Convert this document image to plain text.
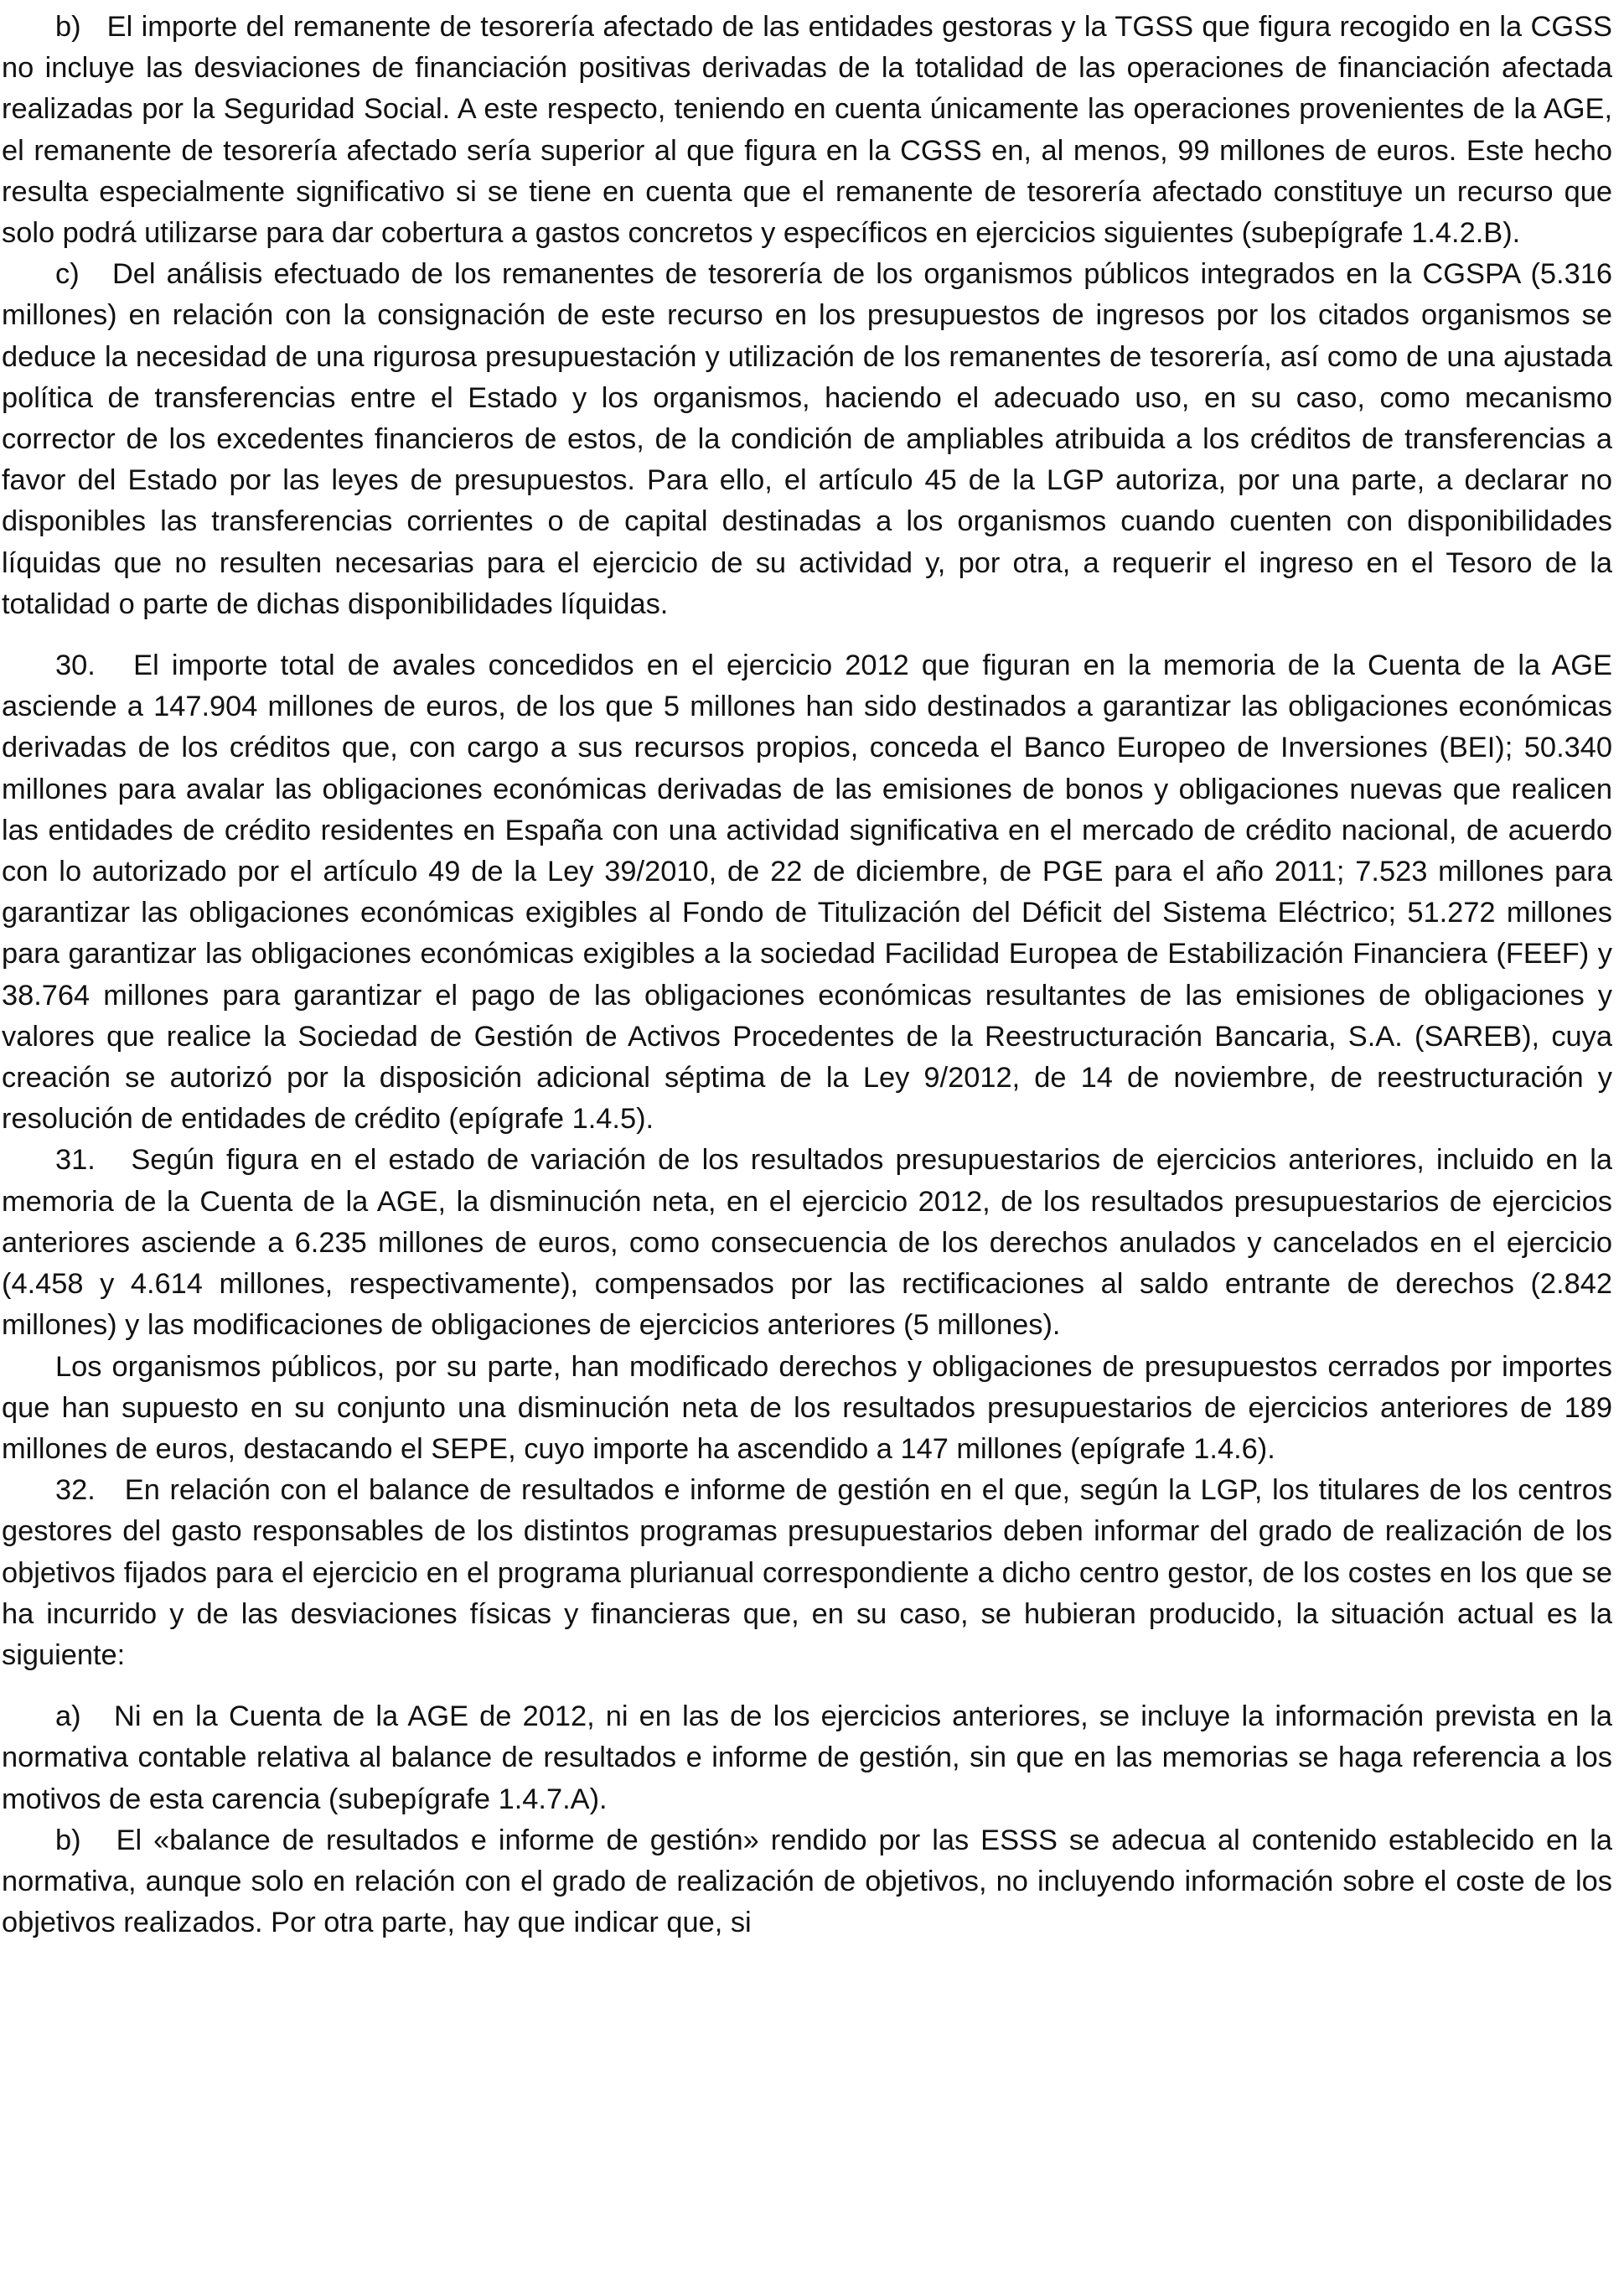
b) El importe del remanente de tesorería afectado de las entidades gestoras y la TGSS que figura recogido en la CGSS no incluye las desviaciones de financiación positivas derivadas de la totalidad de las operaciones de financiación afectada realizadas por la Seguridad Social. A este respecto, teniendo en cuenta únicamente las operaciones provenientes de la AGE, el remanente de tesorería afectado sería superior al que figura en la CGSS en, al menos, 99 millones de euros. Este hecho resulta especialmente significativo si se tiene en cuenta que el remanente de tesorería afectado constituye un recurso que solo podrá utilizarse para dar cobertura a gastos concretos y específicos en ejercicios siguientes (subepígrafe 1.4.2.B).

c) Del análisis efectuado de los remanentes de tesorería de los organismos públicos integrados en la CGSPA (5.316 millones) en relación con la consignación de este recurso en los presupuestos de ingresos por los citados organismos se deduce la necesidad de una rigurosa presupuestación y utilización de los remanentes de tesorería, así como de una ajustada política de transferencias entre el Estado y los organismos, haciendo el adecuado uso, en su caso, como mecanismo corrector de los excedentes financieros de estos, de la condición de ampliables atribuida a los créditos de transferencias a favor del Estado por las leyes de presupuestos. Para ello, el artículo 45 de la LGP autoriza, por una parte, a declarar no disponibles las transferencias corrientes o de capital destinadas a los organismos cuando cuenten con disponibilidades líquidas que no resulten necesarias para el ejercicio de su actividad y, por otra, a requerir el ingreso en el Tesoro de la totalidad o parte de dichas disponibilidades líquidas.

30. El importe total de avales concedidos en el ejercicio 2012 que figuran en la memoria de la Cuenta de la AGE asciende a 147.904 millones de euros, de los que 5 millones han sido destinados a garantizar las obligaciones económicas derivadas de los créditos que, con cargo a sus recursos propios, conceda el Banco Europeo de Inversiones (BEI); 50.340 millones para avalar las obligaciones económicas derivadas de las emisiones de bonos y obligaciones nuevas que realicen las entidades de crédito residentes en España con una actividad significativa en el mercado de crédito nacional, de acuerdo con lo autorizado por el artículo 49 de la Ley 39/2010, de 22 de diciembre, de PGE para el año 2011; 7.523 millones para garantizar las obligaciones económicas exigibles al Fondo de Titulización del Déficit del Sistema Eléctrico; 51.272 millones para garantizar las obligaciones económicas exigibles a la sociedad Facilidad Europea de Estabilización Financiera (FEEF) y 38.764 millones para garantizar el pago de las obligaciones económicas resultantes de las emisiones de obligaciones y valores que realice la Sociedad de Gestión de Activos Procedentes de la Reestructuración Bancaria, S.A. (SAREB), cuya creación se autorizó por la disposición adicional séptima de la Ley 9/2012, de 14 de noviembre, de reestructuración y resolución de entidades de crédito (epígrafe 1.4.5).

31. Según figura en el estado de variación de los resultados presupuestarios de ejercicios anteriores, incluido en la memoria de la Cuenta de la AGE, la disminución neta, en el ejercicio 2012, de los resultados presupuestarios de ejercicios anteriores asciende a 6.235 millones de euros, como consecuencia de los derechos anulados y cancelados en el ejercicio (4.458 y 4.614 millones, respectivamente), compensados por las rectificaciones al saldo entrante de derechos (2.842 millones) y las modificaciones de obligaciones de ejercicios anteriores (5 millones).

Los organismos públicos, por su parte, han modificado derechos y obligaciones de presupuestos cerrados por importes que han supuesto en su conjunto una disminución neta de los resultados presupuestarios de ejercicios anteriores de 189 millones de euros, destacando el SEPE, cuyo importe ha ascendido a 147 millones (epígrafe 1.4.6).

32. En relación con el balance de resultados e informe de gestión en el que, según la LGP, los titulares de los centros gestores del gasto responsables de los distintos programas presupuestarios deben informar del grado de realización de los objetivos fijados para el ejercicio en el programa plurianual correspondiente a dicho centro gestor, de los costes en los que se ha incurrido y de las desviaciones físicas y financieras que, en su caso, se hubieran producido, la situación actual es la siguiente:

a) Ni en la Cuenta de la AGE de 2012, ni en las de los ejercicios anteriores, se incluye la información prevista en la normativa contable relativa al balance de resultados e informe de gestión, sin que en las memorias se haga referencia a los motivos de esta carencia (subepígrafe 1.4.7.A).

b) El «balance de resultados e informe de gestión» rendido por las ESSS se adecua al contenido establecido en la normativa, aunque solo en relación con el grado de realización de objetivos, no incluyendo información sobre el coste de los objetivos realizados. Por otra parte, hay que indicar que, si
